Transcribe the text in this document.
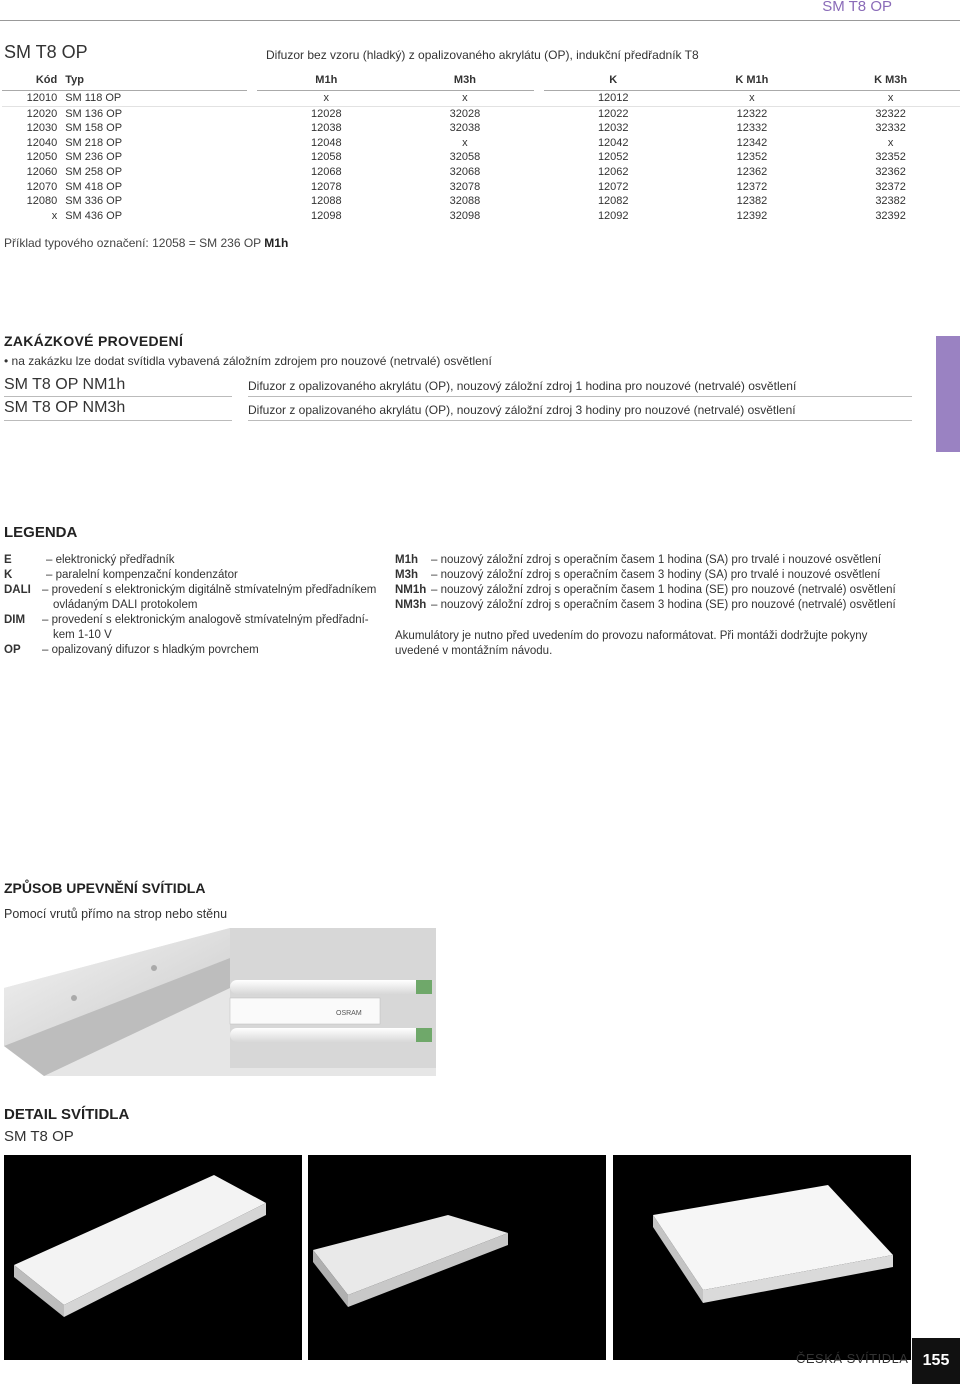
SM T8 OP
SM T8 OP	Difuzor bez vzoru (hladký) z opalizovaného akrylátu (OP), indukční předřadník T8
Kód	Typ		M1h	M3h		K	K M1h	K M3h
12010	SM 118 OP		x	x		12012	x	x
12020	SM 136 OP		12028	32028		12022	12322	32322
12030	SM 158 OP		12038	32038		12032	12332	32332
12040	SM 218 OP		12048	x		12042	12342	x
12050	SM 236 OP		12058	32058		12052	12352	32352
12060	SM 258 OP		12068	32068		12062	12362	32362
12070	SM 418 OP		12078	32078		12072	12372	32372
12080	SM 336 OP		12088	32088		12082	12382	32382
x	SM 436 OP		12098	32098		12092	12392	32392
Příklad typového označení: 12058 = SM 236 OP M1h
ZAKÁZKOVÉ PROVEDENÍ
• na zakázku lze dodat svítidla vybavená záložním zdrojem pro nouzové (netrvalé) osvětlení
SM T8 OP NM1h	Difuzor z opalizovaného akrylátu (OP), nouzový záložní zdroj 1 hodina pro nouzové (netrvalé) osvětlení
SM T8 OP NM3h	Difuzor z opalizovaného akrylátu (OP), nouzový záložní zdroj 3 hodiny pro nouzové (netrvalé) osvětlení
LEGENDA
E	– elektronický předřadník
K	– paralelní kompenzační kondenzátor
DALI – provedení s elektronickým digitálně stmívatelným předřadníkem
ovládaným DALI protokolem
DIM – provedení s elektronickým analogově stmívatelným předřadní-
kem 1-10 V
OP – opalizovaný difuzor s hladkým povrchem
M1h – nouzový záložní zdroj s operačním časem 1 hodina (SA) pro trvalé i nouzové osvětlení
M3h – nouzový záložní zdroj s operačním časem 3 hodiny (SA) pro trvalé i nouzové osvětlení
NM1h – nouzový záložní zdroj s operačním časem 1 hodina (SE) pro nouzové (netrvalé) osvětlení
NM3h – nouzový záložní zdroj s operačním časem 3 hodina (SE) pro nouzové (netrvalé) osvětlení
Akumulátory je nutno před uvedením do provozu naformátovat. Při montáži dodržujte pokyny
uvedené v montážním návodu.
ZPŮSOB UPEVNĚNÍ SVÍTIDLA
Pomocí vrutů přímo na strop nebo stěnu
OSRAM
DETAIL SVÍTIDLA
SM T8 OP
ČESKÁ SVÍTIDLA 155
